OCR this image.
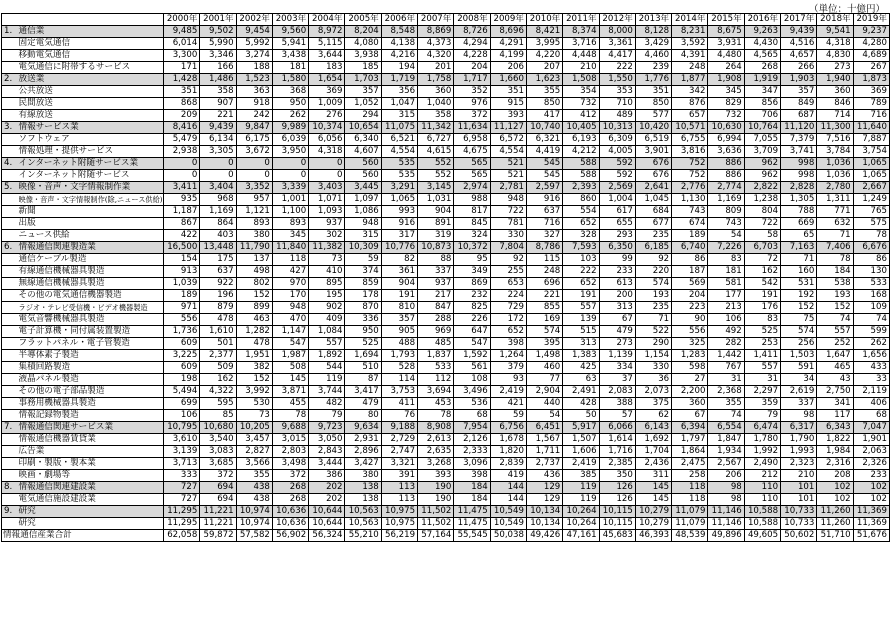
（単位：十億円）
		2000年	2001年	2002年	2003年	2004年	2005年	2006年	2007年	2008年	2009年	2010年	2011年	2012年	2013年	2014年	2015年	2016年	2017年	2018年	2019年
1.	通信業	9,485	9,502	9,454	9,560	8,972	8,204	8,548	8,869	8,726	8,696	8,421	8,374	8,000	8,128	8,231	8,675	9,263	9,439	9,541	9,237
	固定電気通信	6,014	5,990	5,992	5,941	5,115	4,080	4,138	4,373	4,294	4,291	3,995	3,716	3,361	3,429	3,592	3,931	4,430	4,516	4,318	4,280
	移動電気通信	3,300	3,346	3,274	3,438	3,644	3,938	4,216	4,320	4,228	4,199	4,220	4,448	4,417	4,460	4,391	4,480	4,565	4,657	4,830	4,689
	電気通信に附帯するサービス	171	166	188	181	183	185	194	201	204	206	207	210	222	239	248	264	268	266	273	267
2.	放送業	1,428	1,486	1,523	1,580	1,654	1,703	1,719	1,758	1,717	1,660	1,623	1,508	1,550	1,776	1,877	1,908	1,919	1,903	1,940	1,873
	公共放送	351	358	363	368	369	357	356	360	352	351	355	354	353	351	342	345	347	357	360	369
	民間放送	868	907	918	950	1,009	1,052	1,047	1,040	976	915	850	732	710	850	876	829	856	849	846	789
	有線放送	209	221	242	262	276	294	315	358	372	393	417	412	489	577	657	732	706	687	714	716
3.	情報サービス業	8,416	9,439	9,847	9,989	10,374	10,654	11,075	11,342	11,634	11,127	10,740	10,405	10,313	10,420	10,571	10,630	10,764	11,120	11,300	11,640
	ソフトウェア	5,479	6,134	6,175	6,039	6,056	6,340	6,521	6,727	6,958	6,572	6,321	6,193	6,309	6,519	6,755	6,994	7,055	7,379	7,516	7,887
	情報処理・提供サービス	2,938	3,305	3,672	3,950	4,318	4,607	4,554	4,615	4,675	4,554	4,419	4,212	4,005	3,901	3,816	3,636	3,709	3,741	3,784	3,754
4.	インターネット附随サービス業	0	0	0	0	0	560	535	552	565	521	545	588	592	676	752	886	962	998	1,036	1,065
	インターネット附随サービス	0	0	0	0	0	560	535	552	565	521	545	588	592	676	752	886	962	998	1,036	1,065
5.	映像・音声・文字情報制作業	3,411	3,404	3,352	3,339	3,403	3,445	3,291	3,145	2,974	2,781	2,597	2,393	2,569	2,641	2,776	2,774	2,822	2,828	2,780	2,667
	映像・音声・文字情報制作(除,ニュース供給)	935	968	957	1,001	1,071	1,097	1,065	1,031	988	948	916	860	1,004	1,045	1,130	1,169	1,238	1,305	1,311	1,249
	新聞	1,187	1,169	1,121	1,100	1,093	1,086	993	904	817	722	637	554	617	684	743	809	804	788	771	765
	出版	867	864	893	893	937	948	916	891	845	781	716	652	655	677	674	743	722	669	632	575
	ニュース供給	422	403	380	345	302	315	317	319	324	330	327	328	293	235	189	54	58	65	71	78
6.	情報通信関連製造業	16,500	13,448	11,790	11,840	11,382	10,309	10,776	10,873	10,372	7,804	8,786	7,593	6,350	6,185	6,740	7,226	6,703	7,163	7,406	6,676
	通信ケーブル製造	154	175	137	118	73	59	82	88	95	92	115	103	99	92	86	83	72	71	78	86
	有線通信機械器具製造	913	637	498	427	410	374	361	337	349	255	248	222	233	220	187	181	162	160	184	130
	無線通信機械器具製造	1,039	922	802	970	895	859	904	937	869	653	696	652	613	574	569	581	542	531	538	533
	その他の電気通信機器製造	189	196	152	170	195	178	191	217	232	224	221	191	200	193	204	177	191	192	193	168
	ラジオ・テレビ受信機・ビデオ機器製造	971	879	899	948	902	870	810	847	825	729	855	557	313	235	223	213	176	152	152	109
	電気音響機械器具製造	556	478	463	470	409	336	357	288	226	172	169	139	67	71	90	106	83	75	74	74
	電子計算機・同付属装置製造	1,736	1,610	1,282	1,147	1,084	950	905	969	647	652	574	515	479	522	556	492	525	574	557	599
	フラットパネル・電子管製造	609	501	478	547	557	525	488	485	547	398	395	313	273	290	325	282	253	256	252	262
	半導体素子製造	3,225	2,377	1,951	1,987	1,892	1,694	1,793	1,837	1,592	1,264	1,498	1,383	1,139	1,154	1,283	1,442	1,411	1,503	1,647	1,656
	集積回路製造	609	509	382	508	544	510	528	533	561	379	460	425	334	330	598	767	557	591	465	433
	液晶パネル製造	198	162	152	145	119	87	114	112	108	93	77	63	37	36	27	31	31	34	43	33
	その他の電子部品製造	5,494	4,322	3,992	3,871	3,744	3,417	3,753	3,694	3,496	2,419	2,904	2,491	2,083	2,073	2,200	2,368	2,297	2,619	2,750	2,119
	事務用機械器具製造	699	595	530	455	482	479	411	453	536	421	440	428	388	375	360	355	359	337	341	406
	情報記録物製造	106	85	73	78	79	80	76	78	68	59	54	50	57	62	67	74	79	98	117	68
7.	情報通信関連サービス業	10,795	10,680	10,205	9,688	9,723	9,634	9,188	8,908	7,954	6,756	6,451	5,917	6,066	6,143	6,394	6,554	6,474	6,317	6,343	7,047
	情報通信機器賃貸業	3,610	3,540	3,457	3,015	3,050	2,931	2,729	2,613	2,126	1,678	1,567	1,507	1,614	1,692	1,797	1,847	1,780	1,790	1,822	1,901
	広告業	3,139	3,083	2,827	2,803	2,843	2,896	2,747	2,635	2,333	1,820	1,711	1,606	1,716	1,704	1,864	1,934	1,992	1,993	1,984	2,063
	印刷・製版・製本業	3,713	3,685	3,566	3,498	3,444	3,427	3,321	3,268	3,096	2,839	2,737	2,419	2,385	2,436	2,475	2,567	2,490	2,323	2,316	2,326
	映画・劇場等	333	372	355	372	386	380	391	393	398	419	436	385	350	311	258	206	212	210	208	233
8.	情報通信関連建設業	727	694	438	268	202	138	113	190	184	144	129	119	126	145	118	98	110	101	102	102
	電気通信施設建設業	727	694	438	268	202	138	113	190	184	144	129	119	126	145	118	98	110	101	102	102
9.	研究	11,295	11,221	10,974	10,636	10,644	10,563	10,975	11,502	11,475	10,549	10,134	10,264	10,115	10,279	11,079	11,146	10,588	10,733	11,260	11,369
	研究	11,295	11,221	10,974	10,636	10,644	10,563	10,975	11,502	11,475	10,549	10,134	10,264	10,115	10,279	11,079	11,146	10,588	10,733	11,260	11,369
情報通信産業合計		62,058	59,872	57,582	56,902	56,324	55,210	56,219	57,164	55,545	50,038	49,426	47,161	45,683	46,393	48,539	49,896	49,605	50,602	51,710	51,676
